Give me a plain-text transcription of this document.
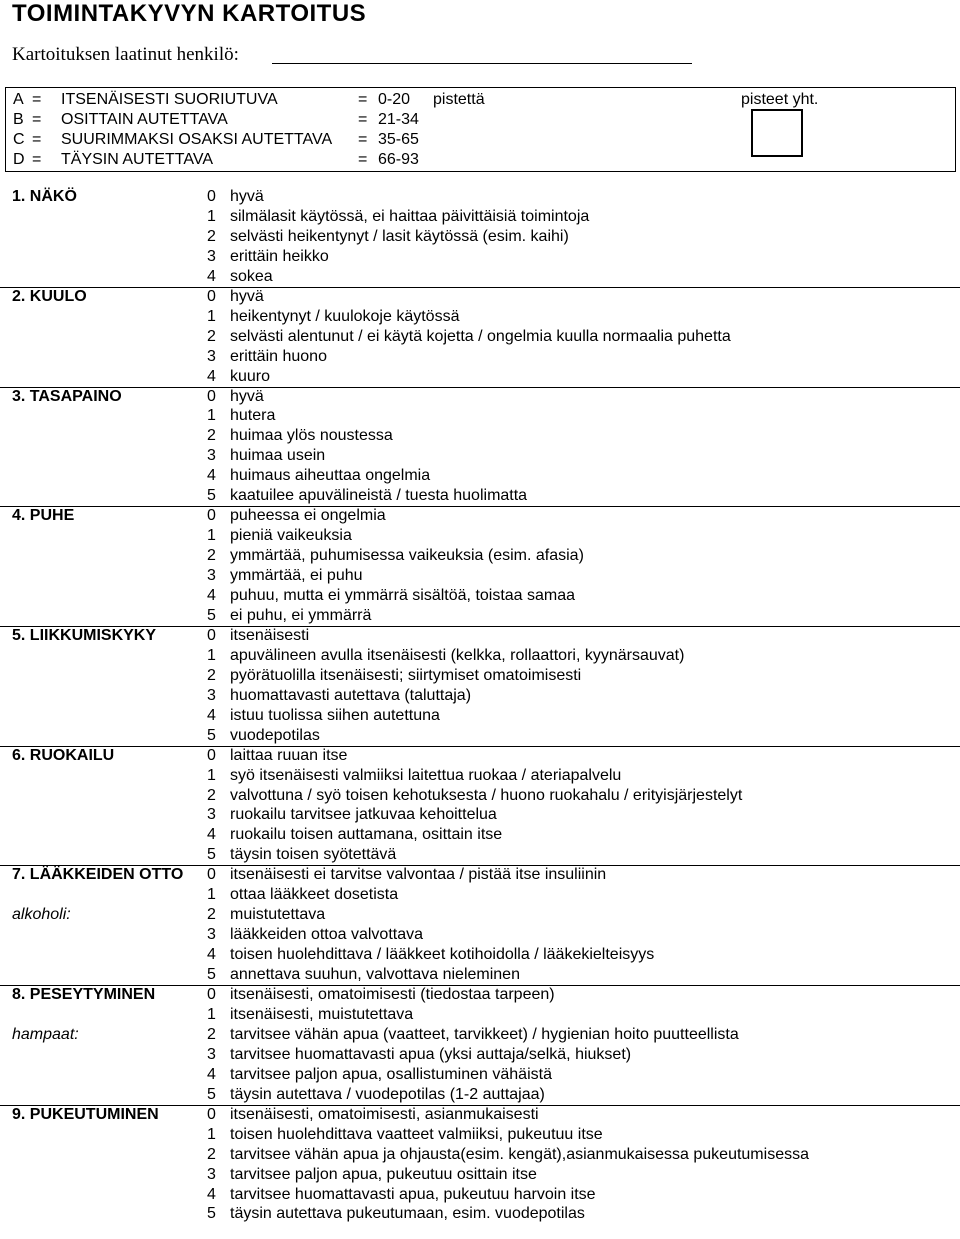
TOIMINTAKYVYN KARTOITUS
Kartoituksen laatinut henkilö:
pisteet yht.
A = ITSENÄISESTI SUORIUTUVA	= 0-20 pistettä
B = OSITTAIN AUTETTAVA	= 21-34
C = SUURIMMAKSI OSAKSI AUTETTAVA = 35-65
D = TÄYSIN AUTETTAVA	= 66-93
1. NÄKÖ	0 hyvä
1 silmälasit käytössä, ei haittaa päivittäisiä toimintoja
2 selvästi heikentynyt / lasit käytössä (esim. kaihi)
3 erittäin heikko
4 sokea
2. KUULO	0 hyvä
1 heikentynyt / kuulokoje käytössä
2 selvästi alentunut / ei käytä kojetta / ongelmia kuulla normaalia puhetta
3 erittäin huono
4 kuuro
3. TASAPAINO	0 hyvä
1 hutera
2 huimaa ylös noustessa
3 huimaa usein
4 huimaus aiheuttaa ongelmia
5 kaatuilee apuvälineistä / tuesta huolimatta
4. PUHE	0 puheessa ei ongelmia
1 pieniä vaikeuksia
2 ymmärtää, puhumisessa vaikeuksia (esim. afasia)
3 ymmärtää, ei puhu
4 puhuu, mutta ei ymmärrä sisältöä, toistaa samaa
5 ei puhu, ei ymmärrä
5. LIIKKUMISKYKY	0 itsenäisesti
1 apuvälineen avulla itsenäisesti (kelkka, rollaattori, kyynärsauvat)
2 pyörätuolilla itsenäisesti; siirtymiset omatoimisesti
3 huomattavasti autettava (taluttaja)
4 istuu tuolissa siihen autettuna
5 vuodepotilas
6. RUOKAILU	0 laittaa ruuan itse
1 syö itsenäisesti valmiiksi laitettua ruokaa / ateriapalvelu
2 valvottuna / syö toisen kehotuksesta / huono ruokahalu / erityisjärjestelyt
3 ruokailu tarvitsee jatkuvaa kehoittelua
4 ruokailu toisen auttamana, osittain itse
5 täysin toisen syötettävä
7. LÄÄKKEIDEN OTTO 0 itsenäisesti ei tarvitse valvontaa / pistää itse insuliinin
1 ottaa lääkkeet dosetista
alkoholi:	2 muistutettava
3 lääkkeiden ottoa valvottava
4 toisen huolehdittava / lääkkeet kotihoidolla / lääkekielteisyys
5 annettava suuhun, valvottava nieleminen
8. PESEYTYMINEN	0 itsenäisesti, omatoimisesti (tiedostaa tarpeen)
1 itsenäisesti, muistutettava
hampaat:	2 tarvitsee vähän apua (vaatteet, tarvikkeet) / hygienian hoito puutteellista
3 tarvitsee huomattavasti apua (yksi auttaja/selkä, hiukset)
4 tarvitsee paljon apua, osallistuminen vähäistä
5 täysin autettava / vuodepotilas (1-2 auttajaa)
9. PUKEUTUMINEN	0 itsenäisesti, omatoimisesti, asianmukaisesti
1 toisen huolehdittava vaatteet valmiiksi, pukeutuu itse
2 tarvitsee vähän apua ja ohjausta(esim. kengät),asianmukaisessa pukeutumisessa
3 tarvitsee paljon apua, pukeutuu osittain itse
4 tarvitsee huomattavasti apua, pukeutuu harvoin itse
5 täysin autettava pukeutumaan, esim. vuodepotilas
